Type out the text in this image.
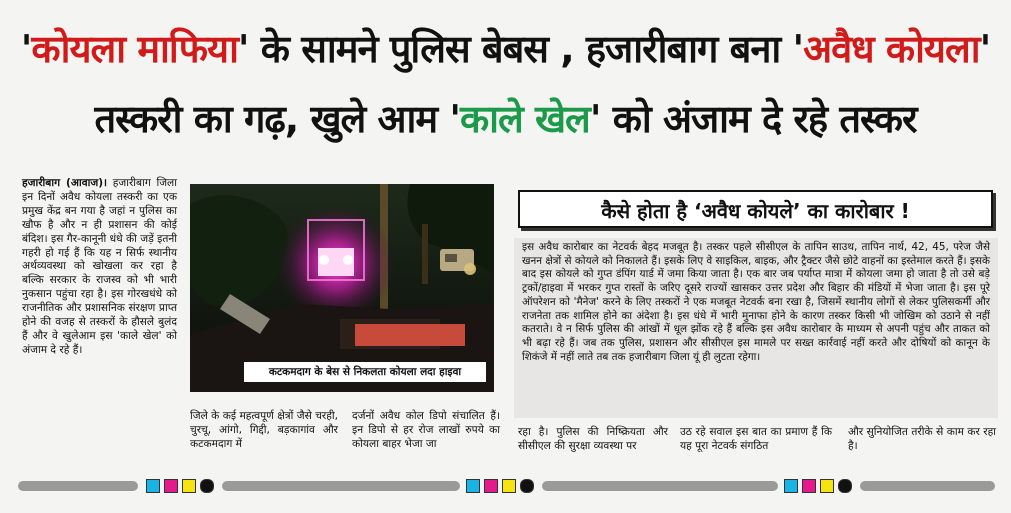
'कोयला माफिया' के सामने पुलिस बेबस , हजारीबाग बना 'अवैध कोयला'
तस्करी का गढ़, खुले आम 'काले खेल' को अंजाम दे रहे तस्कर
हजारीबाग (आवाज)। हजारीबाग जिला इन दिनों अवैध कोयला तस्करी का एक प्रमुख केंद्र बन गया है जहां न पुलिस का खौफ है और न ही प्रशासन की कोई बंदिश। इस गैर-कानूनी धंधे की जड़ें इतनी गहरी हो गई हैं कि यह न सिर्फ स्थानीय अर्थव्यवस्था को खोखला कर रहा है बल्कि सरकार के राजस्व को भी भारी नुकसान पहुंचा रहा है। इस गोरखधंधे को राजनीतिक और प्रशासनिक संरक्षण प्राप्त होने की वजह से तस्करों के हौसले बुलंद हैं और वे खुलेआम इस 'काले खेल' को अंजाम दे रहे हैं।
कटकमदाग के बेस से निकलता कोयला लदा हाइवा
जिले के कई महत्वपूर्ण क्षेत्रों जैसे चरही, चुरचू, आंगो, गिद्दी, बड़कागांव और कटकमदाग में
दर्जनों अवैध कोल डिपो संचालित हैं। इन डिपो से हर रोज लाखों रुपये का कोयला बाहर भेजा जा
कैसे होता है ‘अवैध कोयले’ का कारोबार !
इस अवैध कारोबार का नेटवर्क बेहद मजबूत है। तस्कर पहले सीसीएल के तापिन साउथ, तापिन नार्थ, 42, 45, परेज जैसे खनन क्षेत्रों से कोयले को निकालते हैं। इसके लिए वे साइकिल, बाइक, और ट्रैक्टर जैसे छोटे वाहनों का इस्तेमाल करते हैं। इसके बाद इस कोयले को गुप्त डंपिंग यार्ड में जमा किया जाता है। एक बार जब पर्याप्त मात्रा में कोयला जमा हो जाता है तो उसे बड़े ट्रकों/हाइवा में भरकर गुप्त रास्तों के जरिए दूसरे राज्यों खासकर उत्तर प्रदेश और बिहार की मंडियों में भेजा जाता है। इस पूरे ऑपरेशन को 'मैनेज' करने के लिए तस्करों ने एक मजबूत नेटवर्क बना रखा है, जिसमें स्थानीय लोगों से लेकर पुलिसकर्मी और राजनेता तक शामिल होने का अंदेशा है। इस धंधे में भारी मुनाफा होने के कारण तस्कर किसी भी जोखिम को उठाने से नहीं कतराते। वे न सिर्फ पुलिस की आंखों में धूल झोंक रहे हैं बल्कि इस अवैध कारोबार के माध्यम से अपनी पहुंच और ताकत को भी बढ़ा रहे हैं। जब तक पुलिस, प्रशासन और सीसीएल इस मामले पर सख्त कार्रवाई नहीं करते और दोषियों को कानून के शिकंजे में नहीं लाते तब तक हजारीबाग जिला यूं ही लुटता रहेगा।
रहा है। पुलिस की निष्क्रियता और सीसीएल की सुरक्षा व्यवस्था पर
उठ रहे सवाल इस बात का प्रमाण हैं कि यह पूरा नेटवर्क संगठित
और सुनियोजित तरीके से काम कर रहा है।
